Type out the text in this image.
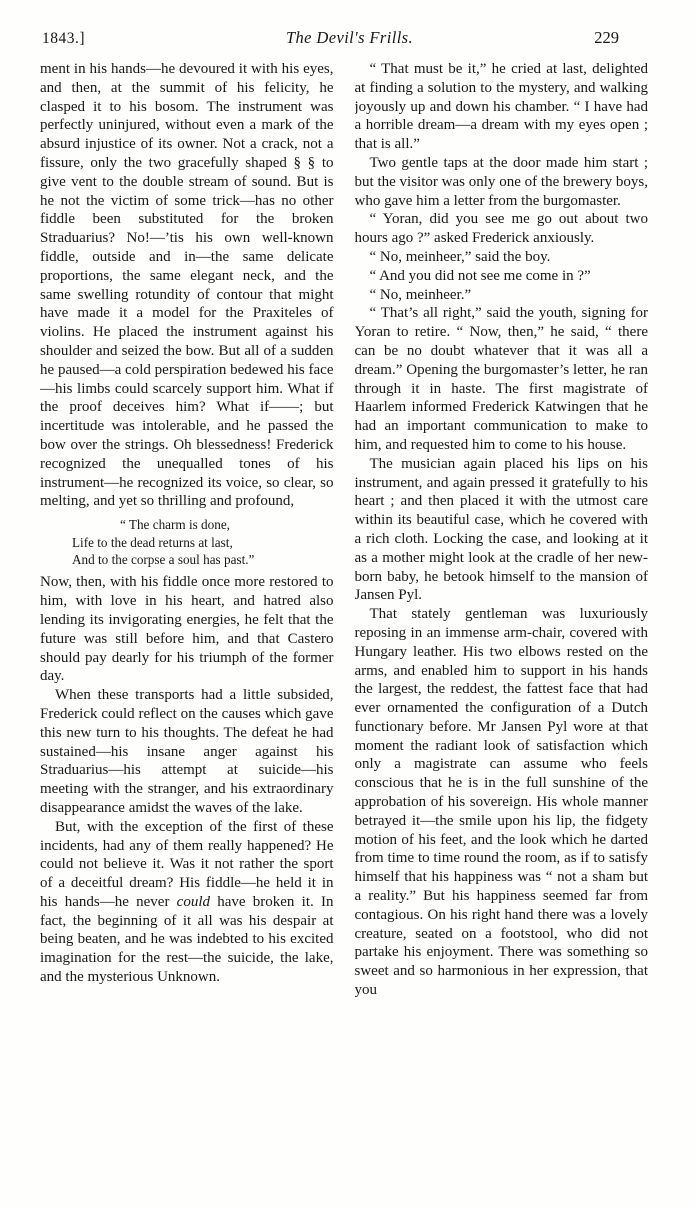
1843.]	The Devil's Frills.	229

ment in his hands—he devoured it with his eyes, and then, at the summit of his felicity, he clasped it to his bosom. The instrument was perfectly uninjured, without even a mark of the absurd injustice of its owner. Not a crack, not a fissure, only the two gracefully shaped § § to give vent to the double stream of sound. But is he not the victim of some trick—has no other fiddle been substituted for the broken Straduarius? No!—’tis his own well-known fiddle, outside and in—the same delicate proportions, the same elegant neck, and the same swelling rotundity of contour that might have made it a model for the Praxiteles of violins. He placed the instrument against his shoulder and seized the bow. But all of a sudden he paused—a cold perspiration bedewed his face—his limbs could scarcely support him. What if the proof deceives him? What if——; but incertitude was intolerable, and he passed the bow over the strings. Oh blessedness! Frederick recognized the unequalled tones of his instrument—he recognized its voice, so clear, so melting, and yet so thrilling and profound,

“ The charm is done,
Life to the dead returns at last,
And to the corpse a soul has past.”

Now, then, with his fiddle once more restored to him, with love in his heart, and hatred also lending its invigorating energies, he felt that the future was still before him, and that Castero should pay dearly for his triumph of the former day.

When these transports had a little subsided, Frederick could reflect on the causes which gave this new turn to his thoughts. The defeat he had sustained—his insane anger against his Straduarius—his attempt at suicide—his meeting with the stranger, and his extraordinary disappearance amidst the waves of the lake.

But, with the exception of the first of these incidents, had any of them really happened? He could not believe it. Was it not rather the sport of a deceitful dream? His fiddle—he held it in his hands—he never could have broken it. In fact, the beginning of it all was his despair at being beaten, and he was indebted to his excited imagination for the rest—the suicide, the lake, and the mysterious Unknown.

“ That must be it,” he cried at last, delighted at finding a solution to the mystery, and walking joyously up and down his chamber. “ I have had a horrible dream—a dream with my eyes open ; that is all.”

Two gentle taps at the door made him start ; but the visitor was only one of the brewery boys, who gave him a letter from the burgomaster.

“ Yoran, did you see me go out about two hours ago ?” asked Frederick anxiously.

“ No, meinheer,” said the boy.

“ And you did not see me come in ?”

“ No, meinheer.”

“ That’s all right,” said the youth, signing for Yoran to retire. “ Now, then,” he said, “ there can be no doubt whatever that it was all a dream.” Opening the burgomaster’s letter, he ran through it in haste. The first magistrate of Haarlem informed Frederick Katwingen that he had an important communication to make to him, and requested him to come to his house.

The musician again placed his lips on his instrument, and again pressed it gratefully to his heart ; and then placed it with the utmost care within its beautiful case, which he covered with a rich cloth. Locking the case, and looking at it as a mother might look at the cradle of her new-born baby, he betook himself to the mansion of Jansen Pyl.

That stately gentleman was luxuriously reposing in an immense arm-chair, covered with Hungary leather. His two elbows rested on the arms, and enabled him to support in his hands the largest, the reddest, the fattest face that had ever ornamented the configuration of a Dutch functionary before. Mr Jansen Pyl wore at that moment the radiant look of satisfaction which only a magistrate can assume who feels conscious that he is in the full sunshine of the approbation of his sovereign. His whole manner betrayed it—the smile upon his lip, the fidgety motion of his feet, and the look which he darted from time to time round the room, as if to satisfy himself that his happiness was “ not a sham but a reality.” But his happiness seemed far from contagious. On his right hand there was a lovely creature, seated on a footstool, who did not partake his enjoyment. There was something so sweet and so harmonious in her expression, that you
